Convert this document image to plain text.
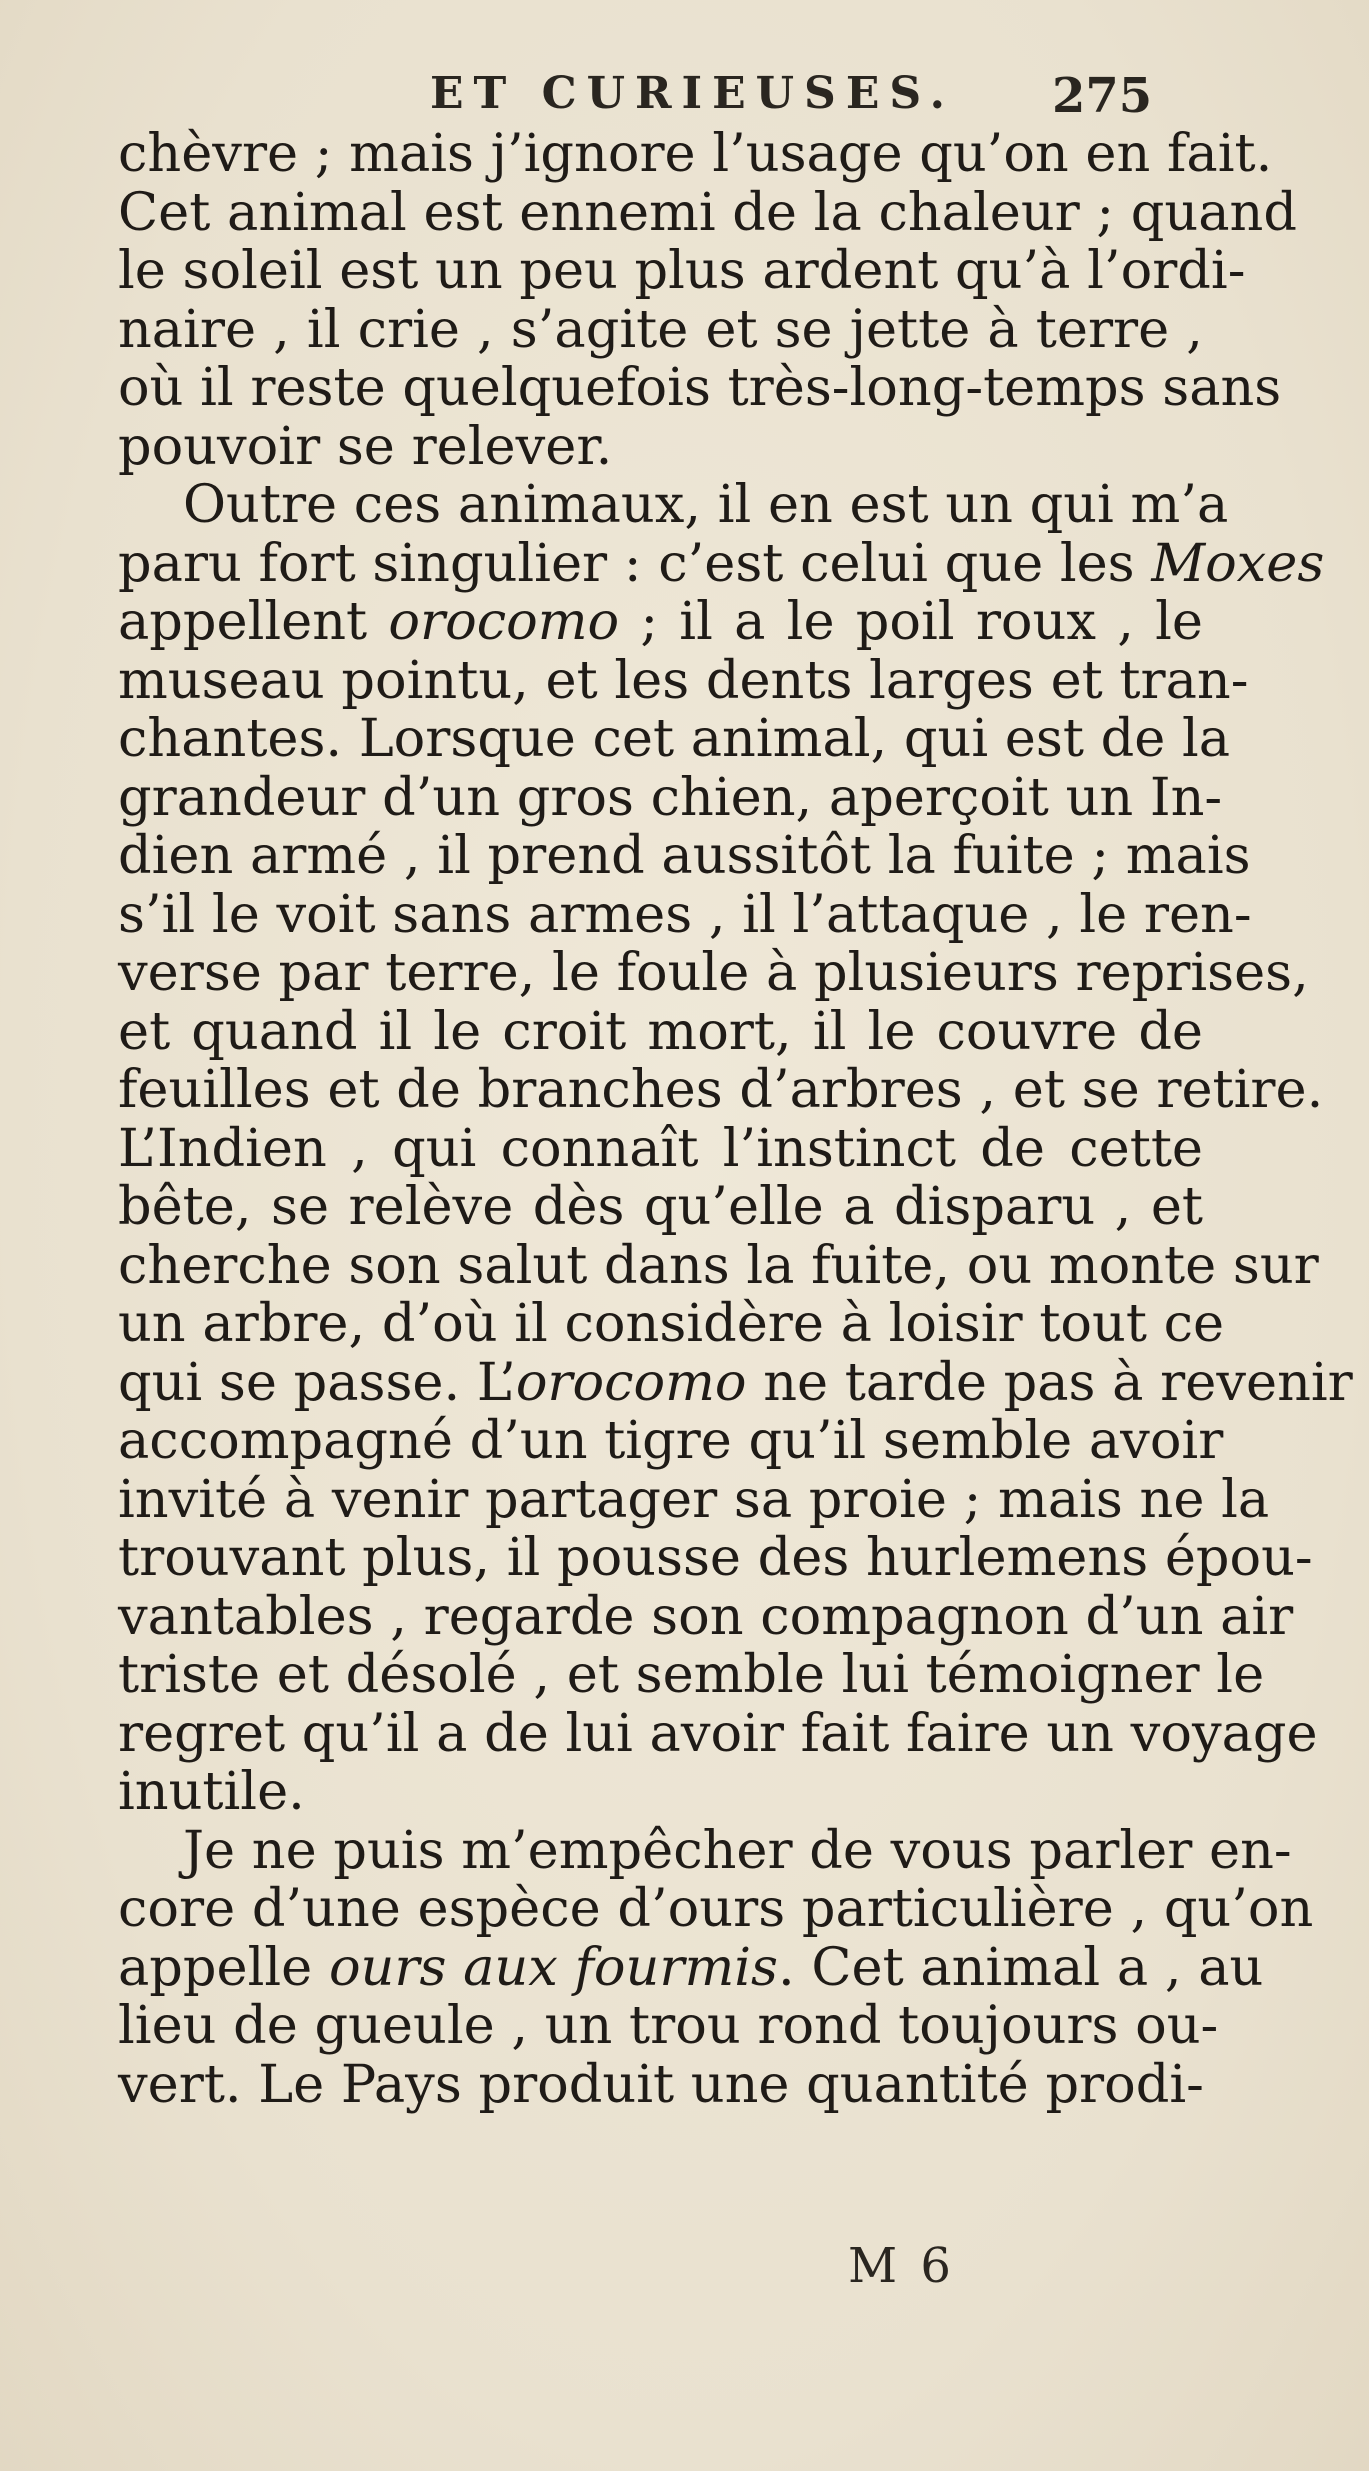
ET CURIEUSES. 275
chèvre ; mais j’ignore l’usage qu’on en fait.
Cet animal est ennemi de la chaleur ; quand
le soleil est un peu plus ardent qu’à l’ordi-
naire , il crie , s’agite et se jette à terre ,
où il reste quelquefois très-long-temps sans
pouvoir se relever.
Outre ces animaux, il en est un qui m’a
paru fort singulier : c’est celui que les Moxes
appellent orocomo ; il a le poil roux , le
museau pointu, et les dents larges et tran-
chantes. Lorsque cet animal, qui est de la
grandeur d’un gros chien, aperçoit un In-
dien armé , il prend aussitôt la fuite ; mais
s’il le voit sans armes , il l’attaque , le ren-
verse par terre, le foule à plusieurs reprises,
et quand il le croit mort, il le couvre de
feuilles et de branches d’arbres , et se retire.
L’Indien , qui connaît l’instinct de cette
bête, se relève dès qu’elle a disparu , et
cherche son salut dans la fuite, ou monte sur
un arbre, d’où il considère à loisir tout ce
qui se passe. L’orocomo ne tarde pas à revenir
accompagné d’un tigre qu’il semble avoir
invité à venir partager sa proie ; mais ne la
trouvant plus, il pousse des hurlemens épou-
vantables , regarde son compagnon d’un air
triste et désolé , et semble lui témoigner le
regret qu’il a de lui avoir fait faire un voyage
inutile.
Je ne puis m’empêcher de vous parler en-
core d’une espèce d’ours particulière , qu’on
appelle ours aux fourmis. Cet animal a , au
lieu de gueule , un trou rond toujours ou-
vert. Le Pays produit une quantité prodi-
M 6
